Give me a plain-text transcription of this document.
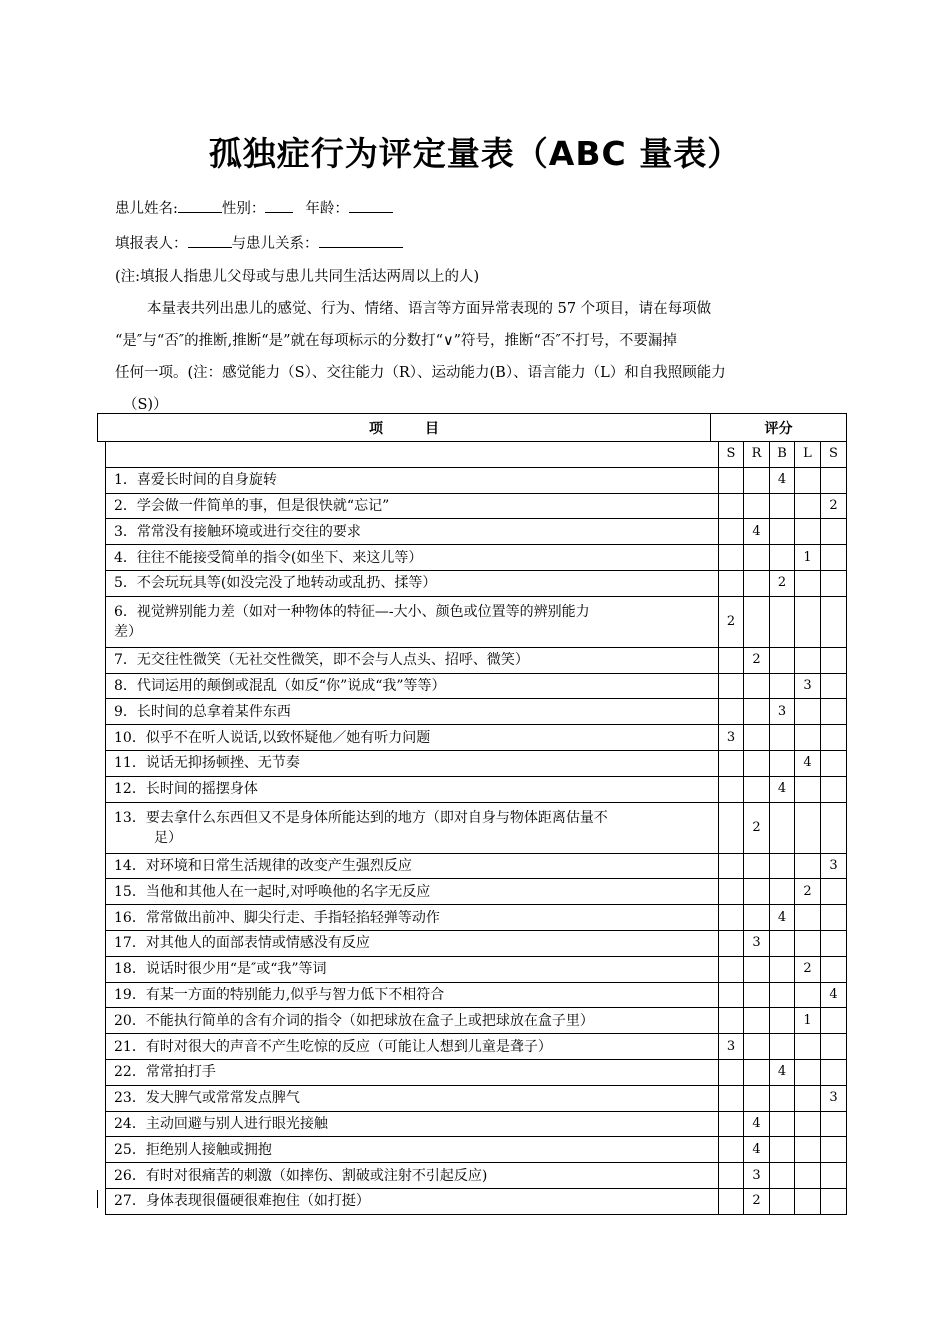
孤独症行为评定量表（ABC 量表）
患儿姓名:	性别：	年龄：
填报表人：	与患儿关系：
(注:填报人指患儿父母或与患儿共同生活达两周以上的人)

本量表共列出患儿的感觉、行为、情绪、语言等方面异常表现的 57 个项目，请在每项做

“是″与“否″的推断,推断“是”就在每项标示的分数打“∨”符号，推断“否″不打号，不要漏掉

任何一项。(注：感觉能力（S）、交往能力（R）、运动能力(B）、语言能力（L）和自我照顾能力

（S)）

项　　　目	评分
	S	R	B	L	S
1．喜爱长时间的自身旋转			4		
2．学会做一件简单的事，但是很快就“忘记”					2
3．常常没有接触环境或进行交往的要求		4			
4．往往不能接受简单的指令(如坐下、来这儿等）				1	
5．不会玩玩具等(如没完没了地转动或乱扔、揉等）			2		
6．视觉辨别能力差（如对一种物体的特征—-大小、颜色或位置等的辨别能力
差）	2				
7．无交往性微笑（无社交性微笑，即不会与人点头、招呼、微笑）		2			
8．代词运用的颠倒或混乱（如反“你”说成“我”等等）				3	
9．长时间的总拿着某件东西			3		
10．似乎不在听人说话,以致怀疑他／她有听力问题	3				
11．说话无抑扬顿挫、无节奏				4	
12．长时间的摇摆身体			4		
13．要去拿什么东西但又不是身体所能达到的地方（即对自身与物体距离估量不
足）		2			
14．对环境和日常生活规律的改变产生强烈反应					3
15．当他和其他人在一起时,对呼唤他的名字无反应				2	
16．常常做出前冲、脚尖行走、手指轻掐轻弹等动作			4		
17．对其他人的面部表情或情感没有反应		3			
18．说话时很少用“是″或“我”等词				2	
19．有某一方面的特别能力,似乎与智力低下不相符合					4
20．不能执行简单的含有介词的指令（如把球放在盒子上或把球放在盒子里）				1	
21．有时对很大的声音不产生吃惊的反应（可能让人想到儿童是聋子）	3				
22．常常拍打手			4		
23．发大脾气或常常发点脾气					3
24．主动回避与别人进行眼光接触		4			
25．拒绝别人接触或拥抱		4			
26．有时对很痛苦的刺激（如摔伤、割破或注射不引起反应)		3			
27．身体表现很僵硬很难抱住（如打挺）		2			
